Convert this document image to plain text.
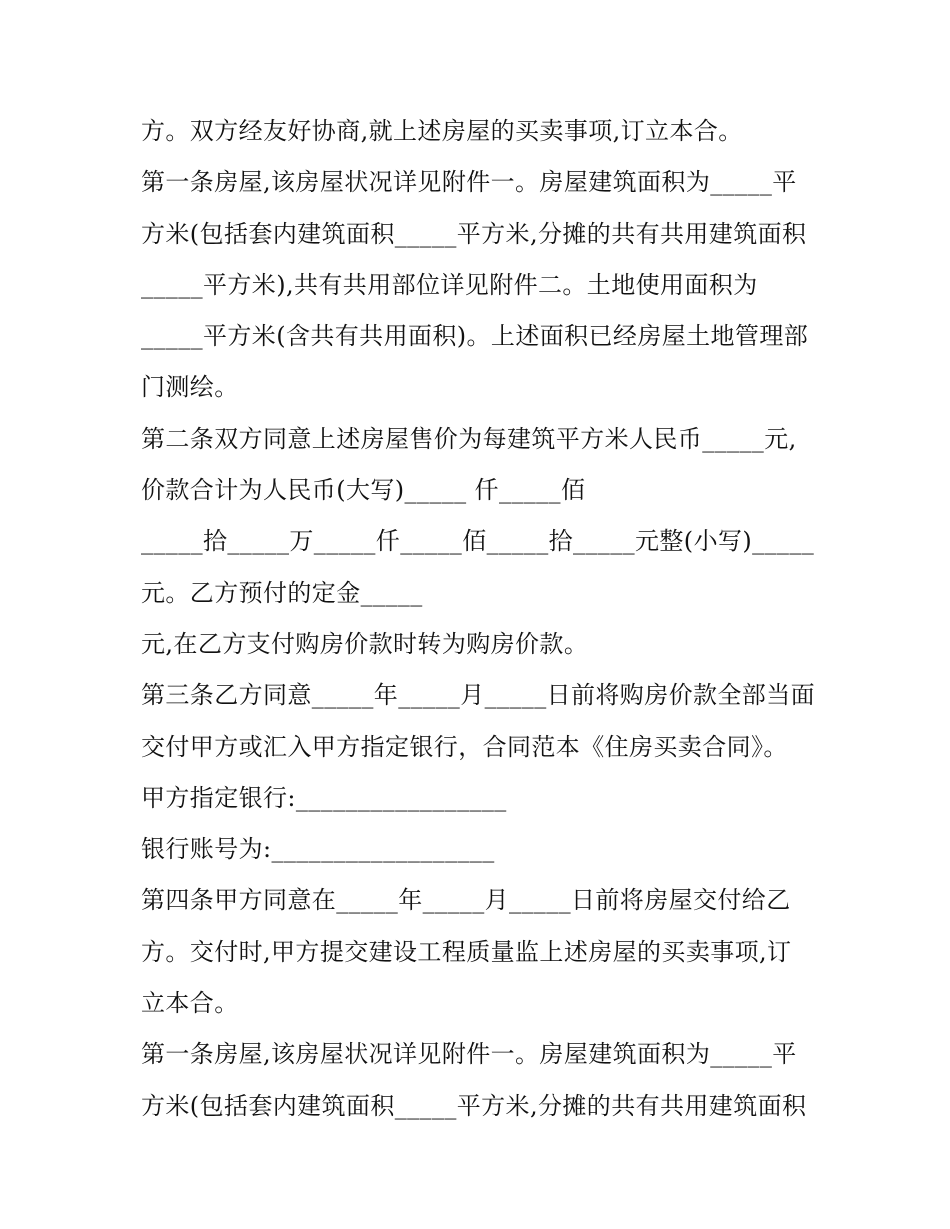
方。双方经友好协商,就上述房屋的买卖事项,订立本合。
第一条房屋,该房屋状况详见附件一。房屋建筑面积为_____平
方米(包括套内建筑面积_____平方米,分摊的共有共用建筑面积
_____平方米),共有共用部位详见附件二。土地使用面积为
_____平方米(含共有共用面积)。上述面积已经房屋土地管理部
门测绘。
第二条双方同意上述房屋售价为每建筑平方米人民币_____元,
价款合计为人民币(大写)_____ 仟_____佰
_____拾_____万_____仟_____佰_____拾_____元整(小写)_____
元。乙方预付的定金_____
元,在乙方支付购房价款时转为购房价款。
第三条乙方同意_____年_____月_____日前将购房价款全部当面
交付甲方或汇入甲方指定银行，合同范本《住房买卖合同》。
甲方指定银行:_________________
银行账号为:__________________
第四条甲方同意在_____年_____月_____日前将房屋交付给乙
方。交付时,甲方提交建设工程质量监上述房屋的买卖事项,订
立本合。
第一条房屋,该房屋状况详见附件一。房屋建筑面积为_____平
方米(包括套内建筑面积_____平方米,分摊的共有共用建筑面积
